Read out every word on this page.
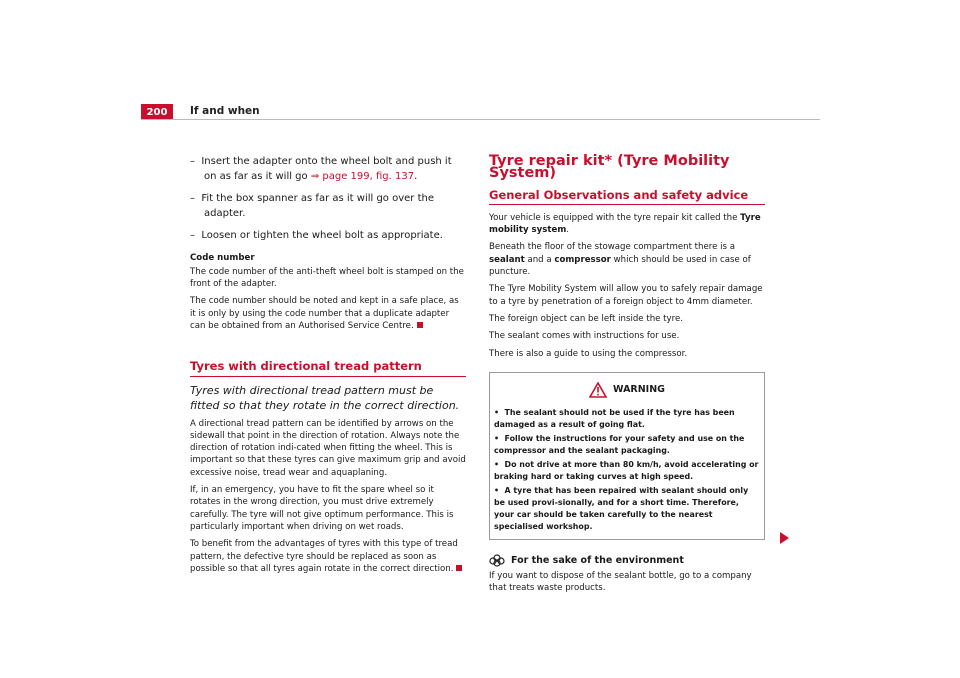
200	If and when
–  Insert the adapter onto the wheel bolt and push it on as far as it will go ⇒ page 199, fig. 137.
–  Fit the box spanner as far as it will go over the adapter.
–  Loosen or tighten the wheel bolt as appropriate.
Code number

The code number of the anti-theft wheel bolt is stamped on the front of the adapter.

The code number should be noted and kept in a safe place, as it is only by using the code number that a duplicate adapter can be obtained from an Authorised Service Centre.

Tyres with directional tread pattern
Tyres with directional tread pattern must be fitted so that they rotate in the correct direction.

A directional tread pattern can be identified by arrows on the sidewall that point in the direction of rotation. Always note the direction of rotation indi-cated when fitting the wheel. This is important so that these tyres can give maximum grip and avoid excessive noise, tread wear and aquaplaning.

If, in an emergency, you have to fit the spare wheel so it rotates in the wrong direction, you must drive extremely carefully. The tyre will not give optimum performance. This is particularly important when driving on wet roads.

To benefit from the advantages of tyres with this type of tread pattern, the defective tyre should be replaced as soon as possible so that all tyres again rotate in the correct direction.

Tyre repair kit* (Tyre Mobility System)
General Observations and safety advice

Your vehicle is equipped with the tyre repair kit called the Tyre mobility system.

Beneath the floor of the stowage compartment there is a sealant and a compressor which should be used in case of puncture.

The Tyre Mobility System will allow you to safely repair damage to a tyre by penetration of a foreign object to 4mm diameter.

The foreign object can be left inside the tyre.

The sealant comes with instructions for use.

There is also a guide to using the compressor.

WARNING
•  The sealant should not be used if the tyre has been damaged as a result of going flat.
•  Follow the instructions for your safety and use on the compressor and the sealant packaging.
•  Do not drive at more than 80 km/h, avoid accelerating or braking hard or taking curves at high speed.
•  A tyre that has been repaired with sealant should only be used provi-sionally, and for a short time. Therefore, your car should be taken carefully to the nearest specialised workshop.
For the sake of the environment

If you want to dispose of the sealant bottle, go to a company that treats waste products.
